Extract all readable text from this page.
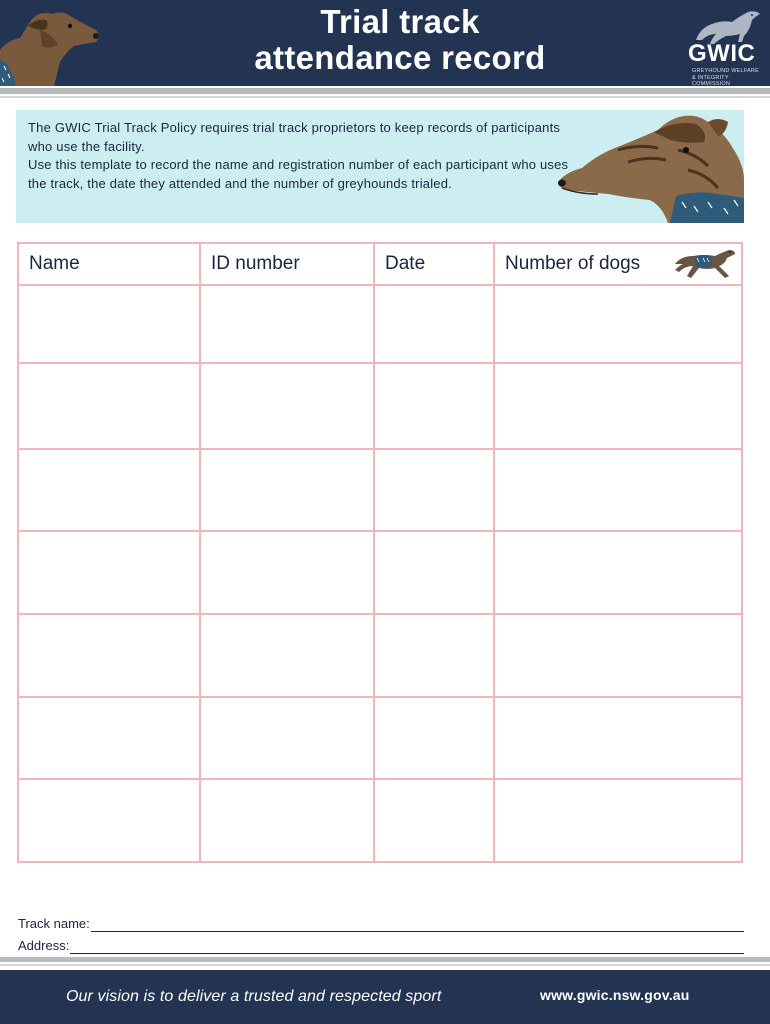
Trial track
attendance record	GWIC
GREYHOUND WELFARE & INTEGRITY COMMISSION

The GWIC Trial Track Policy requires trial track proprietors to keep records of participants who use the facility.

Use this template to record the name and registration number of each participant who uses the track, the date they attended and the number of greyhounds trialed.

Name	ID number	Date	Number of dogs

Track name:
Address:
Our vision is to deliver a trusted and respected sport	www.gwic.nsw.gov.au
